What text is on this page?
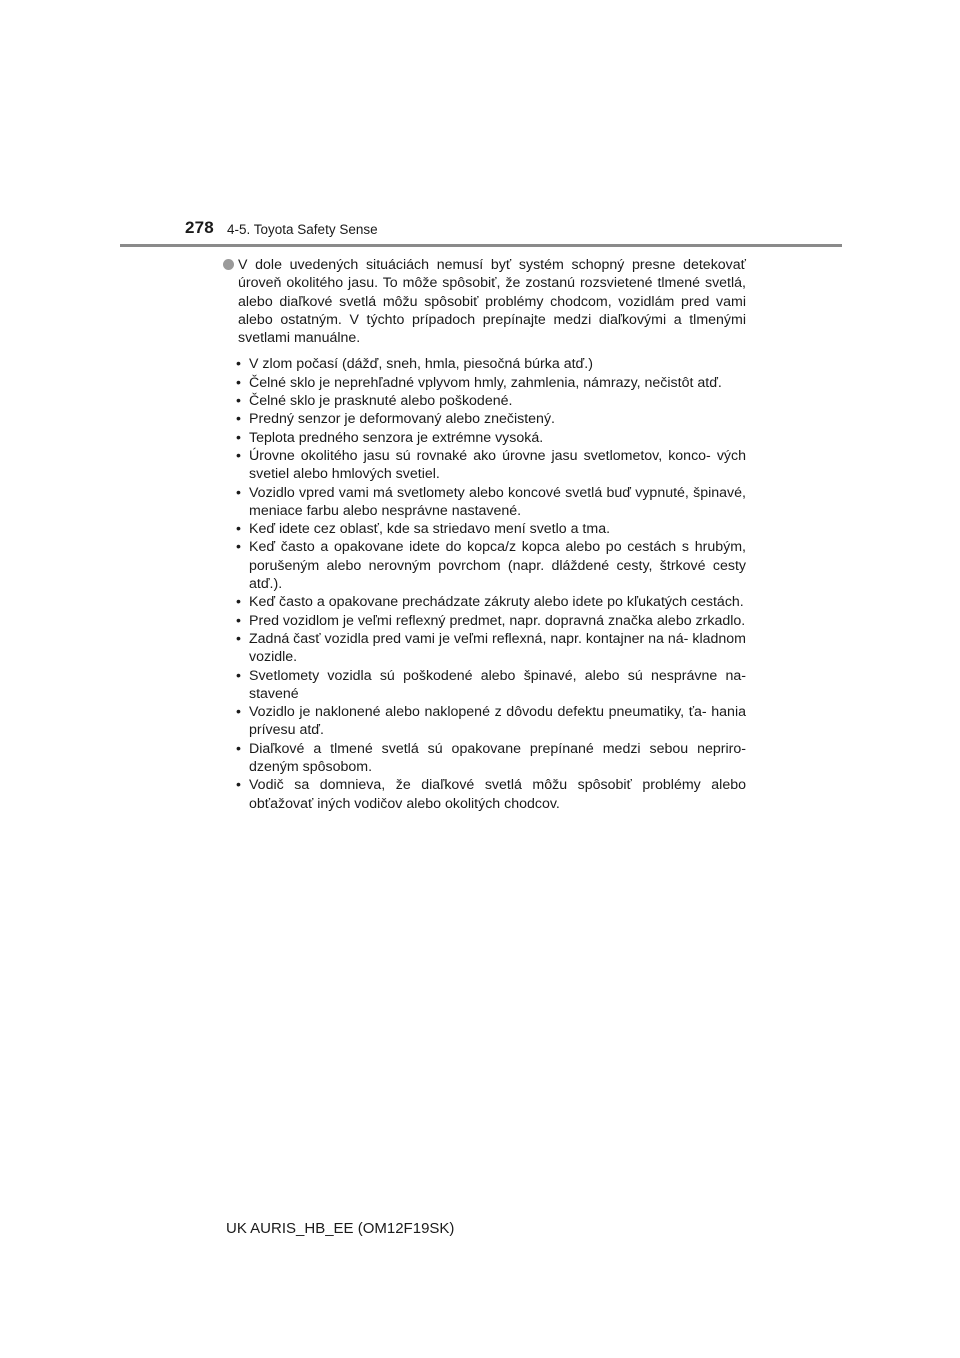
278 4-5. Toyota Safety Sense
V dole uvedených situáciách nemusí byť systém schopný presne detekovať úroveň okolitého jasu. To môže spôsobiť, že zostanú rozsvietené tlmené svetlá, alebo diaľkové svetlá môžu spôsobiť problémy chodcom, vozidlám pred vami alebo ostatným. V týchto prípadoch prepínajte medzi diaľkovými a tlmenými svetlami manuálne.
• V zlom počasí (dážď, sneh, hmla, piesočná búrka atď.)
• Čelné sklo je neprehľadné vplyvom hmly, zahmlenia, námrazy, nečistôt atď.
• Čelné sklo je prasknuté alebo poškodené.
• Predný senzor je deformovaný alebo znečistený.
• Teplota predného senzora je extrémne vysoká.
• Úrovne okolitého jasu sú rovnaké ako úrovne jasu svetlometov, konco- vých svetiel alebo hmlových svetiel.
• Vozidlo vpred vami má svetlomety alebo koncové svetlá buď vypnuté, špinavé, meniace farbu alebo nesprávne nastavené.
• Keď idete cez oblasť, kde sa striedavo mení svetlo a tma.
• Keď často a opakovane idete do kopca/z kopca alebo po cestách s hrubým, porušeným alebo nerovným povrchom (napr. dláždené cesty, štrkové cesty atď.).
• Keď často a opakovane prechádzate zákruty alebo idete po kľukatých cestách.
• Pred vozidlom je veľmi reflexný predmet, napr. dopravná značka alebo zrkadlo.
• Zadná časť vozidla pred vami je veľmi reflexná, napr. kontajner na ná- kladnom vozidle.
• Svetlomety vozidla sú poškodené alebo špinavé, alebo sú nesprávne na- stavené
• Vozidlo je naklonené alebo naklopené z dôvodu defektu pneumatiky, ťa- hania prívesu atď.
• Diaľkové a tlmené svetlá sú opakovane prepínané medzi sebou nepriro- dzeným spôsobom.
• Vodič sa domnieva, že diaľkové svetlá môžu spôsobiť problémy alebo obťažovať iných vodičov alebo okolitých chodcov.
UK AURIS_HB_EE (OM12F19SK)
